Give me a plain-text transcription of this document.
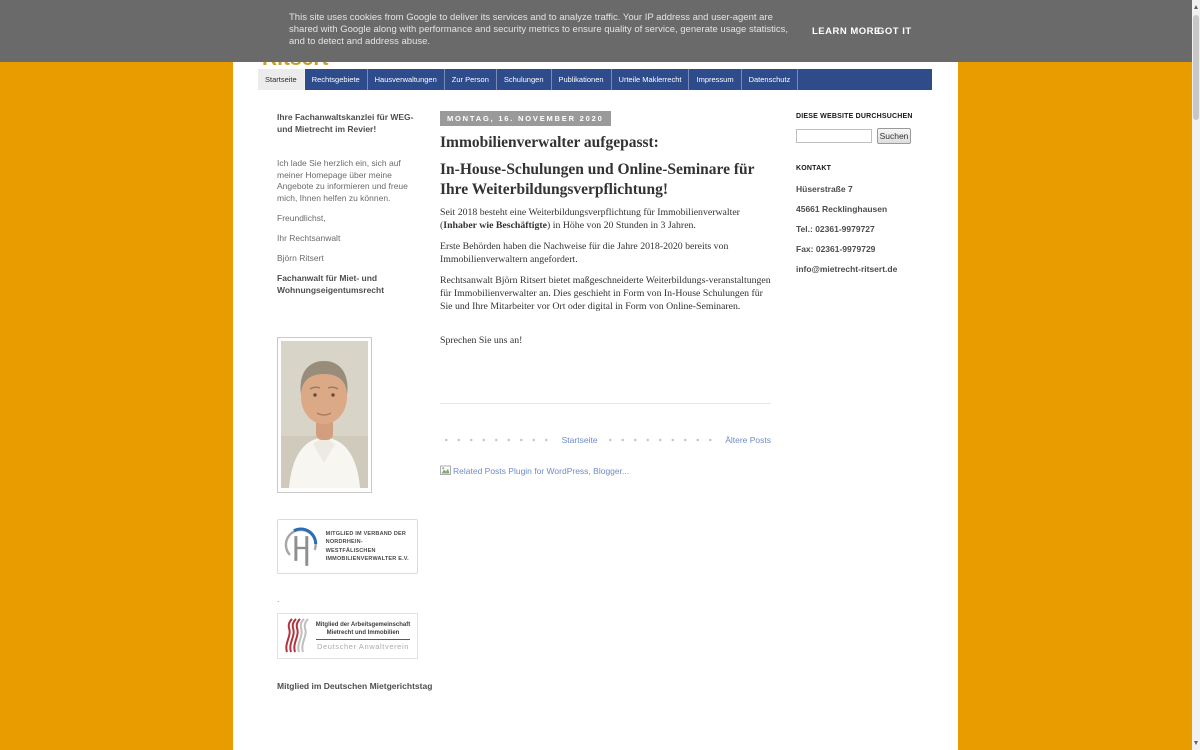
Startseite	Rechtsgebiete	Hausverwaltungen	Zur Person	Schulungen	Publikationen	Urteile Maklerrecht	Impressum	Datenschutz
Ihre Fachanwaltskanzlei für WEG- und Mietrecht im Revier!
Ich lade Sie herzlich ein, sich auf meiner Homepage über meine Angebote zu informieren und freue mich, Ihnen helfen zu können.
Freundlichst,
Ihr Rechtsanwalt
Björn Ritsert
Fachanwalt für Miet- und Wohnungseigentumsrecht
MITGLIED IM VERBAND DER
NORDRHEIN-WESTFÄLISCHEN
IMMOBILIENVERWALTER E.V.
.
Mitglied der Arbeitsgemeinschaft
Mietrecht und Immobilien
Deutscher Anwaltverein
Mitglied im Deutschen Mietgerichtstag
MONTAG, 16. NOVEMBER 2020
Immobilienverwalter aufgepasst:
In-House-Schulungen und Online-Seminare für Ihre Weiterbildungsverpflichtung!

Seit 2018 besteht eine Weiterbildungsverpflichtung für Immobilienverwalter (Inhaber wie Beschäftigte) in Höhe von 20 Stunden in 3 Jahren.

Erste Behörden haben die Nachweise für die Jahre 2018-2020 bereits von Immobilienverwaltern angefordert.

Rechtsanwalt Björn Ritsert bietet maßgeschneiderte Weiterbildungs-veranstaltungen für Immobilienverwalter an. Dies geschieht in Form von In-House Schulungen für Sie und Ihre Mitarbeiter vor Ort oder digital in Form von Online-Seminaren.

Sprechen Sie uns an!

Startseite	Ältere Posts
Related Posts Plugin for WordPress, Blogger...
DIESE WEBSITE DURCHSUCHEN
Suchen
KONTAKT
Hüserstraße 7
45661 Recklinghausen
Tel.: 02361-9979727
Fax: 02361-9979729
info@mietrecht-ritsert.de
This site uses cookies from Google to deliver its services and to analyze traffic. Your IP address and user-agent are shared with Google along with performance and security metrics to ensure quality of service, generate usage statistics, and to detect and address abuse.
LEARN MORE
GOT IT
